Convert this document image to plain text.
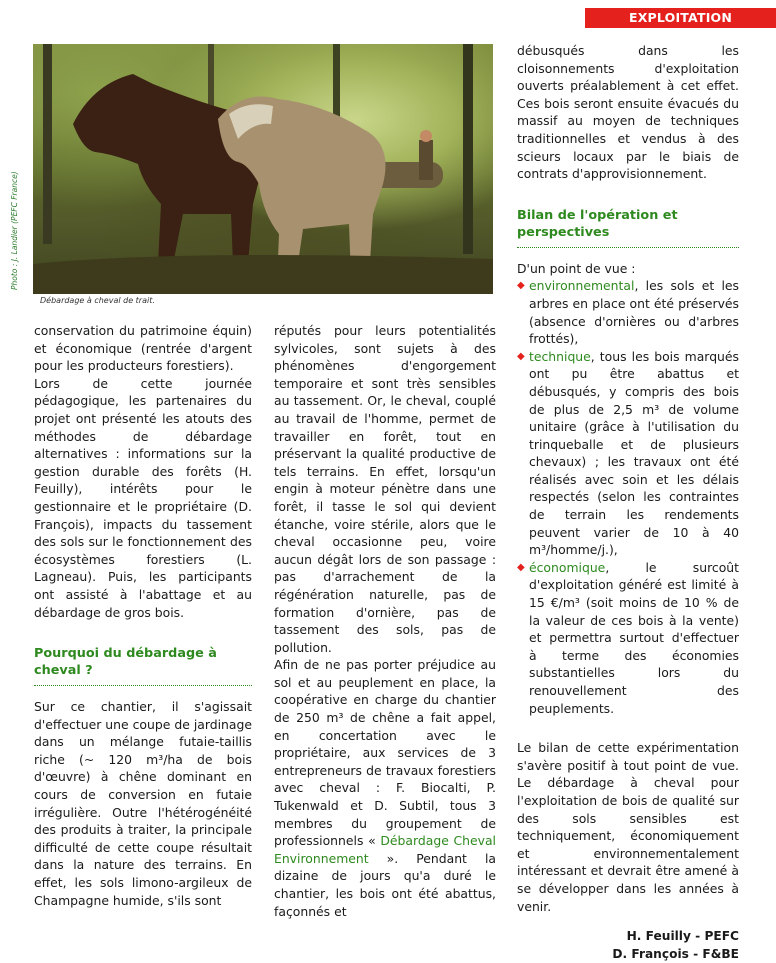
EXPLOITATION FORESTIÈRE
Photo : J. Landier (PEFC France)
Débardage à cheval de trait.

conservation du patrimoine équin) et économique (rentrée d'argent pour les producteurs forestiers).

Lors de cette journée pédagogique, les partenaires du projet ont présenté les atouts des méthodes de débardage alternatives : informations sur la gestion durable des forêts (H. Feuilly), intérêts pour le gestionnaire et le propriétaire (D. François), impacts du tassement des sols sur le fonctionnement des écosystèmes forestiers (L. Lagneau). Puis, les participants ont assisté à l'abattage et au débardage de gros bois.

Pourquoi du débardage à cheval ?

Sur ce chantier, il s'agissait d'effectuer une coupe de jardinage dans un mélange futaie-taillis riche (~ 120 m³/ha de bois d'œuvre) à chêne dominant en cours de conversion en futaie irrégulière. Outre l'hétérogénéité des produits à traiter, la principale difficulté de cette coupe résultait dans la nature des terrains. En effet, les sols limono-argileux de Champagne humide, s'ils sont

réputés pour leurs potentialités sylvicoles, sont sujets à des phénomènes d'engorgement temporaire et sont très sensibles au tassement. Or, le cheval, couplé au travail de l'homme, permet de travailler en forêt, tout en préservant la qualité productive de tels terrains. En effet, lorsqu'un engin à moteur pénètre dans une forêt, il tasse le sol qui devient étanche, voire stérile, alors que le cheval occasionne peu, voire aucun dégât lors de son passage : pas d'arrachement de la régénération naturelle, pas de formation d'ornière, pas de tassement des sols, pas de pollution.

Afin de ne pas porter préjudice au sol et au peuplement en place, la coopérative en charge du chantier de 250 m³ de chêne a fait appel, en concertation avec le propriétaire, aux services de 3 entrepreneurs de travaux forestiers avec cheval : F. Biocalti, P. Tukenwald et D. Subtil, tous 3 membres du groupement de professionnels « Débardage Cheval Environnement ». Pendant la dizaine de jours qu'a duré le chantier, les bois ont été abattus, façonnés et

débusqués dans les cloisonnements d'exploitation ouverts préalablement à cet effet. Ces bois seront ensuite évacués du massif au moyen de techniques traditionnelles et vendus à des scieurs locaux par le biais de contrats d'approvisionnement.

Bilan de l'opération et perspectives

D'un point de vue :

◆ environnemental, les sols et les arbres en place ont été préservés (absence d'ornières ou d'arbres frottés),

◆ technique, tous les bois marqués ont pu être abattus et débusqués, y compris des bois de plus de 2,5 m³ de volume unitaire (grâce à l'utilisation du trinqueballe et de plusieurs chevaux) ; les travaux ont été réalisés avec soin et les délais respectés (selon les contraintes de terrain les rendements peuvent varier de 10 à 40 m³/homme/j.),

◆ économique, le surcoût d'exploitation généré est limité à 15 €/m³ (soit moins de 10 % de la valeur de ces bois à la vente) et permettra surtout d'effectuer à terme des économies substantielles lors du renouvellement des peuplements.

Le bilan de cette expérimentation s'avère positif à tout point de vue. Le débardage à cheval pour l'exploitation de bois de qualité sur des sols sensibles est techniquement, économiquement et environnementalement intéressant et devrait être amené à se développer dans les années à venir.

H. Feuilly - PEFC
D. François - F&BE
